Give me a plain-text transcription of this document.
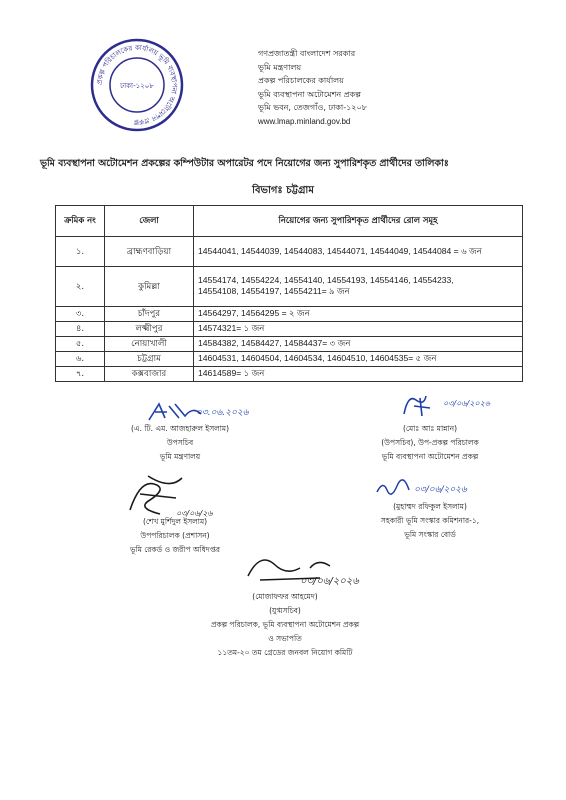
প্রকল্প পরিচালকের কার্যালয় ভূমি ব্যবস্থাপনা অটোমেশন প্রকল্প
ঢাকা-১২০৮
গণপ্রজাতন্ত্রী বাংলাদেশ সরকার
ভূমি মন্ত্রণালয়
প্রকল্প পরিচালকের কার্যালয়
ভূমি ব্যবস্থাপনা অটোমেশন প্রকল্প
ভূমি ভবন, তেজগাঁও, ঢাকা-১২০৮
www.lmap.minland.gov.bd
ভূমি ব্যবস্থাপনা অটোমেশন প্রকল্পের কম্পিউটার অপারেটর পদে নিয়োগের জন্য সুপারিশকৃত প্রার্থীদের তালিকাঃ
বিভাগঃ চট্টগ্রাম
ক্রমিক নং	জেলা	নিয়োগের জন্য সুপারিশকৃত প্রার্থীদের রোল সমূহ
১.	ব্রাহ্মণবাড়িয়া	14544041, 14544039, 14544083, 14544071, 14544049, 14544084 = ৬ জন
২.	কুমিল্লা	14554174, 14554224, 14554140, 14554193, 14554146, 14554233,
14554108, 14554197, 14554211= ৯ জন

৩.	চাঁদপুর	14564297, 14564295 = ২ জন
৪.	লক্ষ্মীপুর	14574321= ১ জন
৫.	নোয়াখালী	14584382, 14584427, 14584437= ৩ জন
৬.	চট্টগ্রাম	14604531, 14604504, 14604534, 14604510, 14604535= ৫ জন
৭.	কক্সবাজার	14614589= ১ জন
০৩.০৬.২০২৬
(এ. টি. এম. আজহারুল ইসলাম)
উপসচিব
ভূমি মন্ত্রণালয়
০৩/০৬/২০২৬
(মোঃ আঃ মান্নান)
(উপসচিব), উপ-প্রকল্প পরিচালক
ভূমি ব্যবস্থাপনা অটোমেশন প্রকল্প
০৩/০৬/২৬
(শেখ মুর্শিদুল ইসলাম)
উপপরিচালক (প্রশাসন)
ভূমি রেকর্ড ও জরীপ অধিদপ্তর
০৩/০৬/২০২৬
(মুহাম্মদ রফিকুল ইসলাম)
সহকারী ভূমি সংস্কার কমিশনার-১,
ভূমি সংস্কার বোর্ড
০৩/০৬/২০২৬
(মোজাফফর আহমেদ)
(যুগ্মসচিব)
প্রকল্প পরিচালক, ভূমি ব্যবস্থাপনা অটোমেশন প্রকল্প
ও সভাপতি
১১তম-২০ তম গ্রেডের জনবল নিয়োগ কমিটি
